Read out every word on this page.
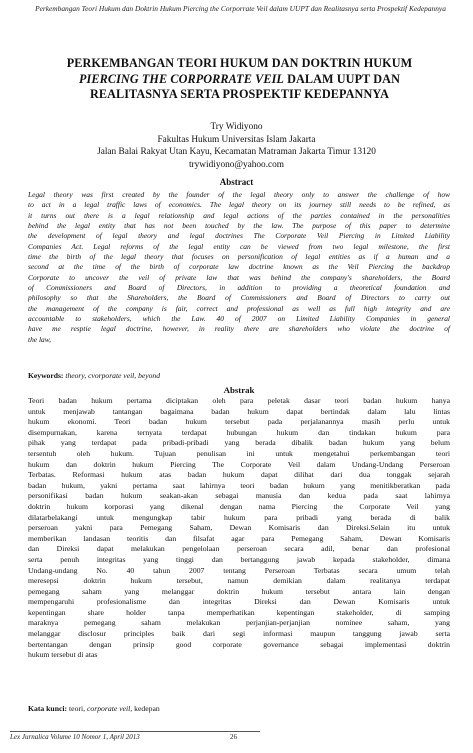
Perkembangan Teori Hukum dan Doktrin Hukum Piercing the Corporrate Veil dalam UUPT dan Realitasnya serta Prospektif Kedepannya
PERKEMBANGAN TEORI HUKUM DAN DOKTRIN HUKUM
PIERCING THE CORPORRATE VEIL DALAM UUPT DAN
REALITASNYA SERTA PROSPEKTIF KEDEPANNYA
Try Widiyono
Fakultas Hukum Universitas Islam Jakarta
Jalan Balai Rakyat Utan Kayu, Kecamatan Matraman Jakarta Timur 13120
trywidiyono@yahoo.com
Abstract
Legal theory was first created by the founder of the legal theory only to answer the challenge of how
to act in a legal traffic laws of economics. The legal theory on its journey still needs to be refined, as
it turns out there is a legal relationship and legal actions of the parties contained in the personalities
behind the legal entity that has not been touched by the law. The purpose of this paper to determine
the development of legal theory and legal doctrines The Corporate Veil Piercing in Limited Liability
Companies Act. Legal reforms of the legal entity can be viewed from two legal milestone, the first
time the birth of the legal theory that focuses on personification of legal entities as if a human and a
second at the time of the birth of corporate law doctrine known as the Veil Piercing the backdrop
Corporate to uncover the veil of private law that was behind the company's shareholders, the Board
of Commissioners and Board of Directors, in addition to providing a theoretical foundation and
philosophy so that the Shareholders, the Board of Commissioners and Board of Directors to carry out
the management of the company is fair, correct and professional as well as full high integrity and are
accountable to stakeholders, which the Law. 40 of 2007 on Limited Liability Companies in general
have me resptie legal doctrine, however, in reality there are shareholders who violate the doctrine of
the law,
Keywords: theory, cvorporate veil, beyond
Abstrak
Teori badan hukum pertama diciptakan oleh para peletak dasar teori badan hukum hanya
untuk menjawab tantangan bagaimana badan hukum dapat bertindak dalam lalu lintas
hukum ekonomi. Teori badan hukum tersebut pada perjalanannya masih perlu untuk
disempurnakan, karena ternyata terdapat hubungan hukum dan tindakan hukum para
pihak yang terdapat pada pribadi-pribadi yang berada dibalik badan hukum yang belum
tersentuh oleh hukum. Tujuan penulisan ini untuk mengetahui perkembangan teori
hukum dan doktrin hukum Piercing The Corporate Veil dalam Undang-Undang Perseroan
Terbatas. Reformasi hukum atas badan hukum dapat dilihat dari dua tonggak sejarah
badan hukum, yakni pertama saat lahirnya teori badan hukum yang menitikberatkan pada
personifikasi badan hukum seakan-akan sebagai manusia dan kedua pada saat lahirnya
doktrin hukum korporasi yang dikenal dengan nama Piercing the Corporate Veil yang
dilatarbelakangi untuk mengungkap tabir hukum para pribadi yang berada di balik
perseroan yakni para Pemegang Saham, Dewan Komisaris dan Direksi.Selain itu untuk
memberikan landasan teoritis dan filsafat agar para Pemegang Saham, Dewan Komisaris
dan Direksi dapat melakukan pengelolaan perseroan secara adil, benar dan profesional
serta penuh integritas yang tinggi dan bertanggung jawab kepada stakeholder, dimana
Undang-undang No. 40 tahun 2007 tentang Perseroan Terbatas secara umum telah
meresepsi doktrin hukum tersebut, namun demikian dalam realitanya terdapat
pemegang saham yang melanggar doktrin hukum tersebut antara lain dengan
mempengaruhi profesionalisme dan integritas Direksi dan Dewan Komisaris untuk
kepentingan share holder tanpa memperhatikan kepentingan stakeholder, di samping
maraknya pemegang saham melakukan perjanjian-perjanjian nominee saham, yang
melanggar disclosur principles baik dari segi informasi maupun tanggung jawab serta
bertentangan dengan prinsip good corporate governance sebagai implementasi doktrin
hukum tersebut di atas
Kata kunci: teori, corporate veil, kedepan
Lex Jurnalica Volume 10 Nomor 1, April 2013	26
